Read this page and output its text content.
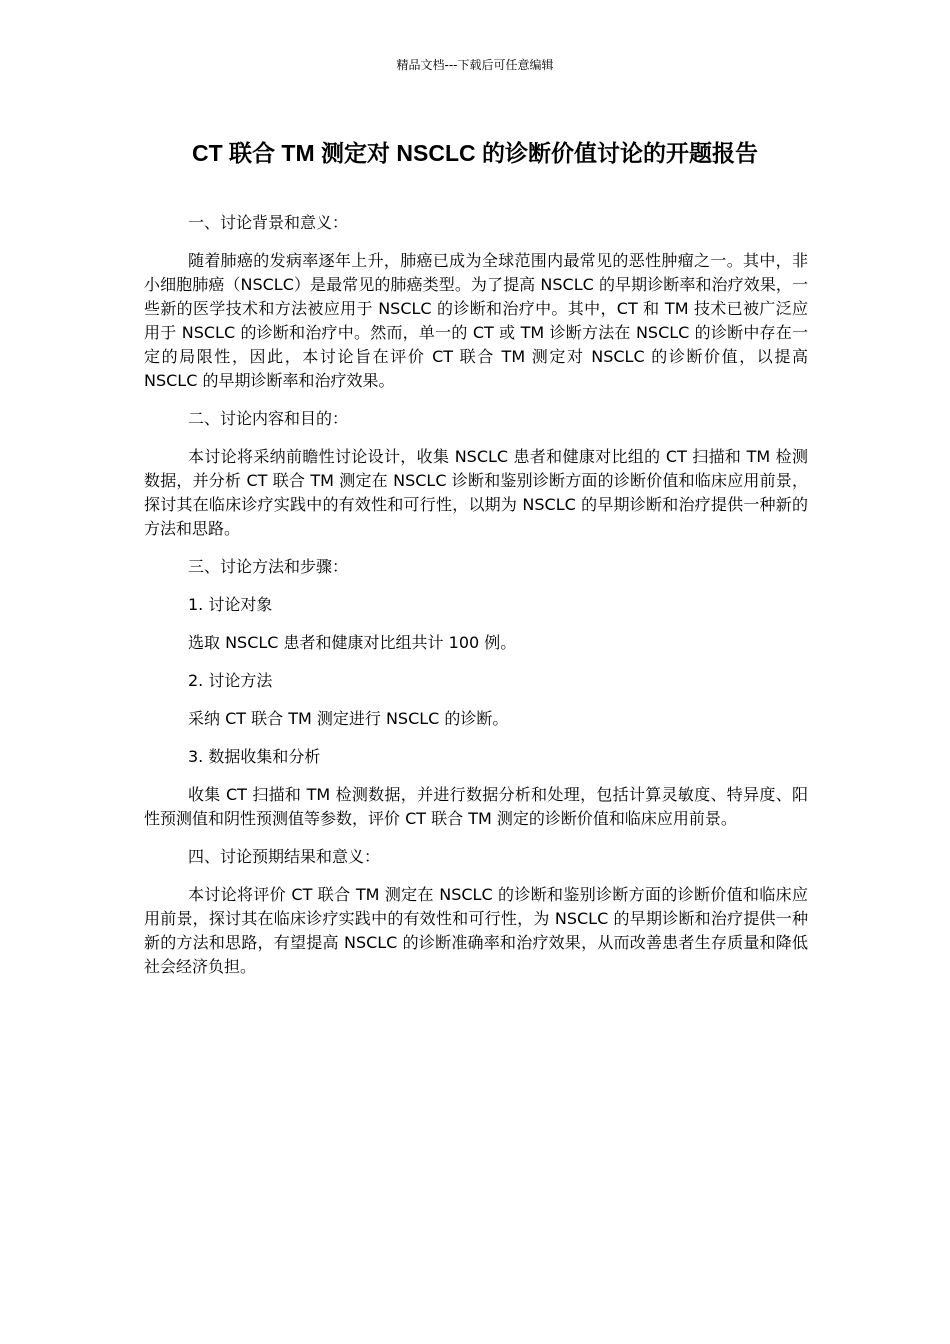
精品文档---下载后可任意编辑
CT 联合 TM 测定对 NSCLC 的诊断价值讨论的开题报告

一、讨论背景和意义：

随着肺癌的发病率逐年上升，肺癌已成为全球范围内最常见的恶性肿瘤之一。其中，非小细胞肺癌（NSCLC）是最常见的肺癌类型。为了提高 NSCLC 的早期诊断率和治疗效果，一些新的医学技术和方法被应用于 NSCLC 的诊断和治疗中。其中，CT 和 TM 技术已被广泛应用于 NSCLC 的诊断和治疗中。然而，单一的 CT 或 TM 诊断方法在 NSCLC 的诊断中存在一定的局限性，因此，本讨论旨在评价 CT 联合 TM 测定对 NSCLC 的诊断价值，以提高 NSCLC 的早期诊断率和治疗效果。

二、讨论内容和目的：

本讨论将采纳前瞻性讨论设计，收集 NSCLC 患者和健康对比组的 CT 扫描和 TM 检测数据，并分析 CT 联合 TM 测定在 NSCLC 诊断和鉴别诊断方面的诊断价值和临床应用前景，探讨其在临床诊疗实践中的有效性和可行性，以期为 NSCLC 的早期诊断和治疗提供一种新的方法和思路。

三、讨论方法和步骤：

1. 讨论对象

选取 NSCLC 患者和健康对比组共计 100 例。

2. 讨论方法

采纳 CT 联合 TM 测定进行 NSCLC 的诊断。

3. 数据收集和分析

收集 CT 扫描和 TM 检测数据，并进行数据分析和处理，包括计算灵敏度、特异度、阳性预测值和阴性预测值等参数，评价 CT 联合 TM 测定的诊断价值和临床应用前景。

四、讨论预期结果和意义：

本讨论将评价 CT 联合 TM 测定在 NSCLC 的诊断和鉴别诊断方面的诊断价值和临床应用前景，探讨其在临床诊疗实践中的有效性和可行性，为 NSCLC 的早期诊断和治疗提供一种新的方法和思路，有望提高 NSCLC 的诊断准确率和治疗效果，从而改善患者生存质量和降低社会经济负担。
